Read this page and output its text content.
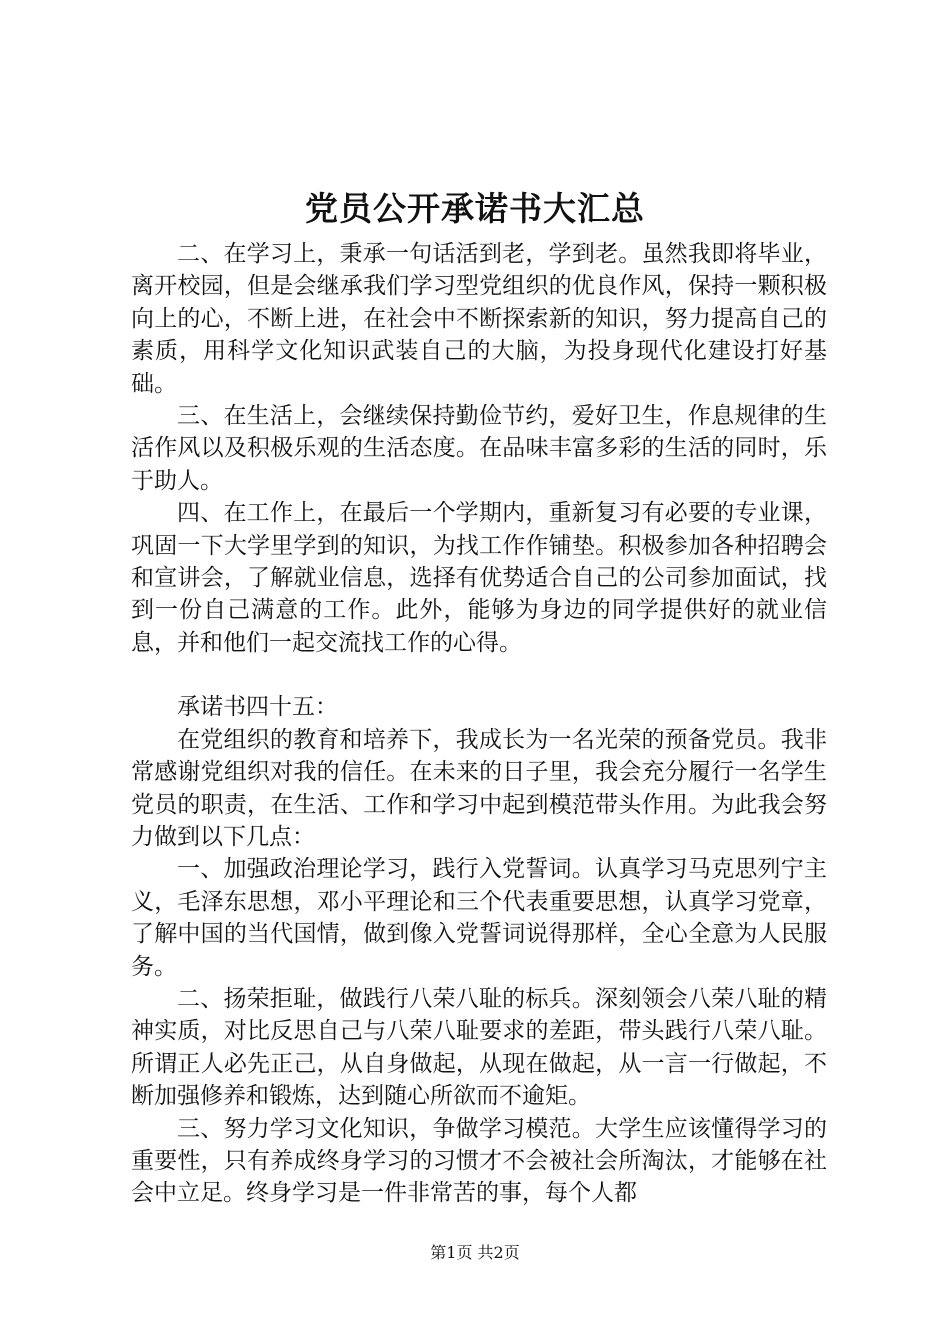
党员公开承诺书大汇总

二、在学习上，秉承一句话活到老，学到老。虽然我即将毕业，离开校园，但是会继承我们学习型党组织的优良作风，保持一颗积极向上的心，不断上进，在社会中不断探索新的知识，努力提高自己的素质，用科学文化知识武装自己的大脑，为投身现代化建设打好基础。

三、在生活上，会继续保持勤俭节约，爱好卫生，作息规律的生活作风以及积极乐观的生活态度。在品味丰富多彩的生活的同时，乐于助人。

四、在工作上，在最后一个学期内，重新复习有必要的专业课，巩固一下大学里学到的知识，为找工作作铺垫。积极参加各种招聘会和宣讲会，了解就业信息，选择有优势适合自己的公司参加面试，找到一份自己满意的工作。此外，能够为身边的同学提供好的就业信息，并和他们一起交流找工作的心得。

承诺书四十五：

在党组织的教育和培养下，我成长为一名光荣的预备党员。我非常感谢党组织对我的信任。在未来的日子里，我会充分履行一名学生党员的职责，在生活、工作和学习中起到模范带头作用。为此我会努力做到以下几点：

一、加强政治理论学习，践行入党誓词。认真学习马克思列宁主义，毛泽东思想，邓小平理论和三个代表重要思想，认真学习党章，了解中国的当代国情，做到像入党誓词说得那样，全心全意为人民服务。

二、扬荣拒耻，做践行八荣八耻的标兵。深刻领会八荣八耻的精神实质，对比反思自己与八荣八耻要求的差距，带头践行八荣八耻。所谓正人必先正己，从自身做起，从现在做起，从一言一行做起，不断加强修养和锻炼，达到随心所欲而不逾矩。

三、努力学习文化知识，争做学习模范。大学生应该懂得学习的重要性，只有养成终身学习的习惯才不会被社会所淘汰，才能够在社会中立足。终身学习是一件非常苦的事，每个人都

第1页 共2页
